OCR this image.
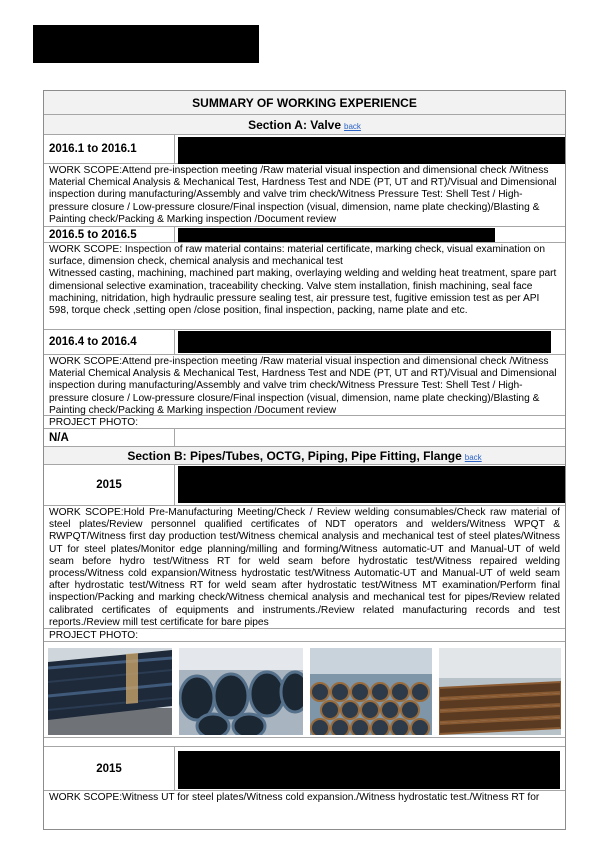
SUMMARY OF WORKING EXPERIENCE
Section A: Valve back
2016.1 to 2016.1
WORK SCOPE:Attend pre-inspection meeting /Raw material visual inspection and dimensional check /Witness Material Chemical Analysis & Mechanical Test, Hardness Test and NDE (PT, UT and RT)/Visual and Dimensional inspection during manufacturing/Assembly and valve trim check/Witness Pressure Test: Shell Test / High-pressure closure / Low-pressure closure/Final inspection (visual, dimension, name plate checking)/Blasting & Painting check/Packing & Marking inspection /Document review
2016.5 to 2016.5
WORK SCOPE: Inspection of raw material contains: material certificate, marking check, visual examination on surface, dimension check, chemical analysis and mechanical test
Witnessed casting, machining, machined part making, overlaying welding and welding heat treatment, spare part dimensional selective examination, traceability checking. Valve stem installation, finish machining, seal face machining, nitridation, high hydraulic pressure sealing test, air pressure test, fugitive emission test as per API 598, torque check ,setting open /close position, final inspection, packing, name plate and etc.
2016.4 to 2016.4
WORK SCOPE:Attend pre-inspection meeting /Raw material visual inspection and dimensional check /Witness Material Chemical Analysis & Mechanical Test, Hardness Test and NDE (PT, UT and RT)/Visual and Dimensional inspection during manufacturing/Assembly and valve trim check/Witness Pressure Test: Shell Test / High-pressure closure / Low-pressure closure/Final inspection (visual, dimension, name plate checking)/Blasting & Painting check/Packing & Marking inspection /Document review
PROJECT PHOTO:
N/A
Section B: Pipes/Tubes, OCTG, Piping, Pipe Fitting, Flange back
2015
WORK SCOPE:Hold Pre-Manufacturing Meeting/Check / Review welding consumables/Check raw material of steel plates/Review personnel qualified certificates of NDT operators and welders/Witness WPQT & RWPQT/Witness first day production test/Witness chemical analysis and mechanical test of steel plates/Witness UT for steel plates/Monitor edge planning/milling and forming/Witness automatic-UT and Manual-UT of weld seam before hydro test/Witness RT for weld seam before hydrostatic test/Witness repaired welding process/Witness cold expansion/Witness hydrostatic test/Witness Automatic-UT and Manual-UT of weld seam after hydrostatic test/Witness RT for weld seam after hydrostatic test/Witness MT examination/Perform final inspection/Packing and marking check/Witness chemical analysis and mechanical test for pipes/Review related calibrated certificates of equipments and instruments./Review related manufacturing records and test reports./Review mill test certificate for bare pipes
PROJECT PHOTO:
2015
WORK SCOPE:Witness UT for steel plates/Witness cold expansion./Witness hydrostatic test./Witness RT for
